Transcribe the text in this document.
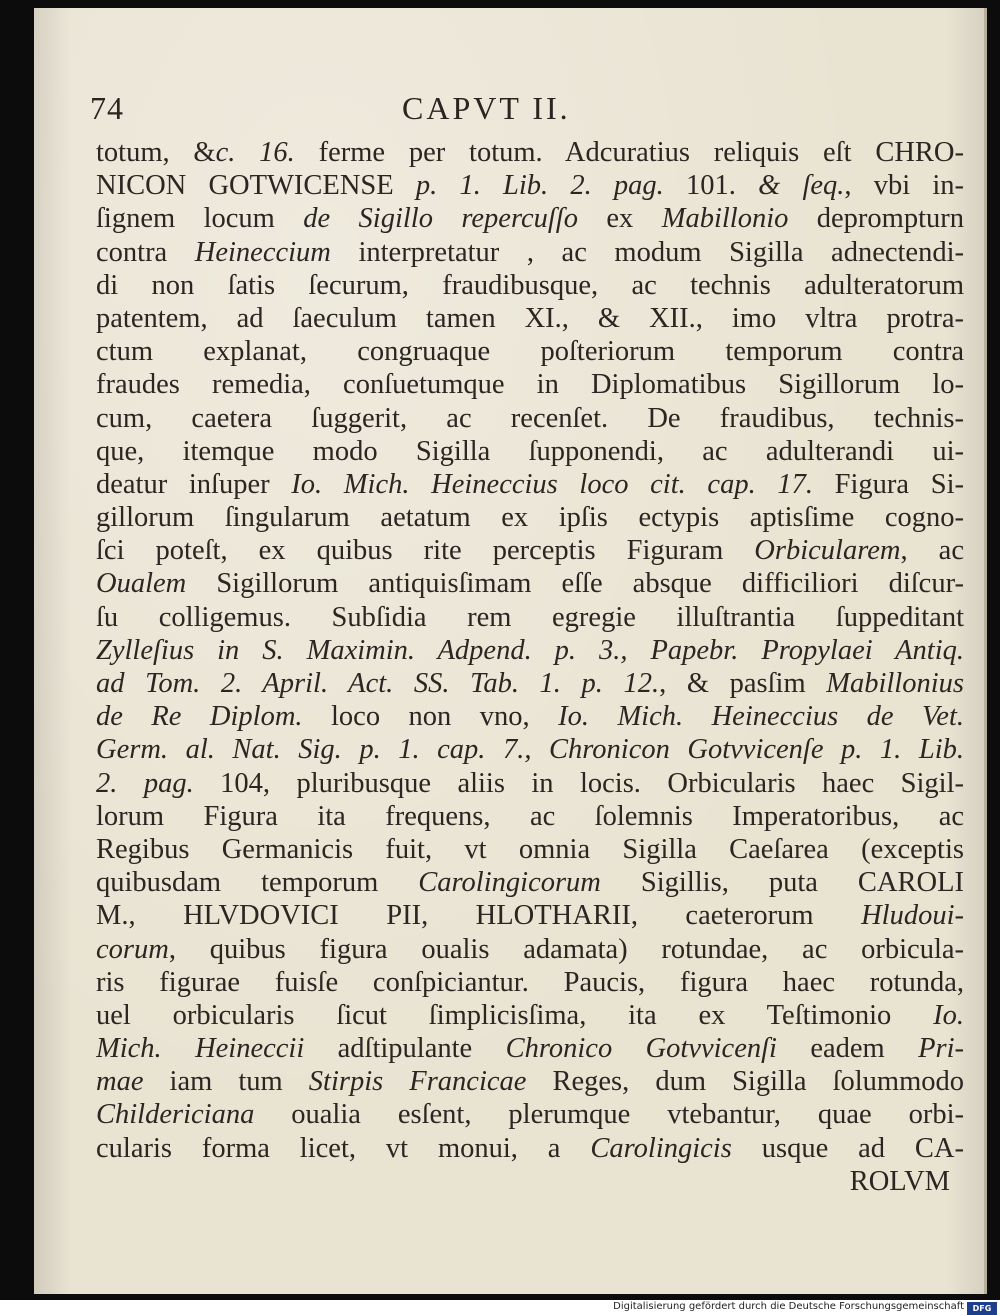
74	CAPVT II.
totum, &c. 16. ferme per totum. Adcuratius reliquis eſt CHRO-
NICON GOTWICENSE p. 1. Lib. 2. pag. 101. & ſeq., vbi in-
ſignem locum de Sigillo repercuſſo ex Mabillonio deprompturn
contra Heineccium interpretatur , ac modum Sigilla adnectendi-
di non ſatis ſecurum, fraudibusque, ac technis adulteratorum
patentem, ad ſaeculum tamen XI., & XII., imo vltra protra-
ctum explanat, congruaque poſteriorum temporum contra
fraudes remedia, conſuetumque in Diplomatibus Sigillorum lo-
cum, caetera ſuggerit, ac recenſet. De fraudibus, technis-
que, itemque modo Sigilla ſupponendi, ac adulterandi ui-
deatur inſuper Io. Mich. Heineccius loco cit. cap. 17. Figura Si-
gillorum ſingularum aetatum ex ipſis ectypis aptisſime cogno-
ſci poteſt, ex quibus rite perceptis Figuram Orbicularem, ac
Oualem Sigillorum antiquisſimam eſſe absque difficiliori diſcur-
ſu colligemus. Subſidia rem egregie illuſtrantia ſuppeditant
Zylleſius in S. Maximin. Adpend. p. 3., Papebr. Propylaei Antiq.
ad Tom. 2. April. Act. SS. Tab. 1. p. 12., & pasſim Mabillonius
de Re Diplom. loco non vno, Io. Mich. Heineccius de Vet.
Germ. al. Nat. Sig. p. 1. cap. 7., Chronicon Gotvvicenſe p. 1. Lib.
2. pag. 104, pluribusque aliis in locis. Orbicularis haec Sigil-
lorum Figura ita frequens, ac ſolemnis Imperatoribus, ac
Regibus Germanicis fuit, vt omnia Sigilla Caeſarea (exceptis
quibusdam temporum Carolingicorum Sigillis, puta CAROLI
M., HLVDOVICI PII, HLOTHARII, caeterorum Hludoui-
corum, quibus figura oualis adamata) rotundae, ac orbicula-
ris figurae fuisſe conſpiciantur. Paucis, figura haec rotunda,
uel orbicularis ſicut ſimplicisſima, ita ex Teſtimonio Io.
Mich. Heineccii adſtipulante Chronico Gotvvicenſi eadem Pri-
mae iam tum Stirpis Francicae Reges, dum Sigilla ſolummodo
Childericiana oualia esſent, plerumque vtebantur, quae orbi-
cularis forma licet, vt monui, a Carolingicis usque ad CA-
ROLVM
Digitalisierung gefördert durch die Deutsche Forschungsgemeinschaft	DFG
